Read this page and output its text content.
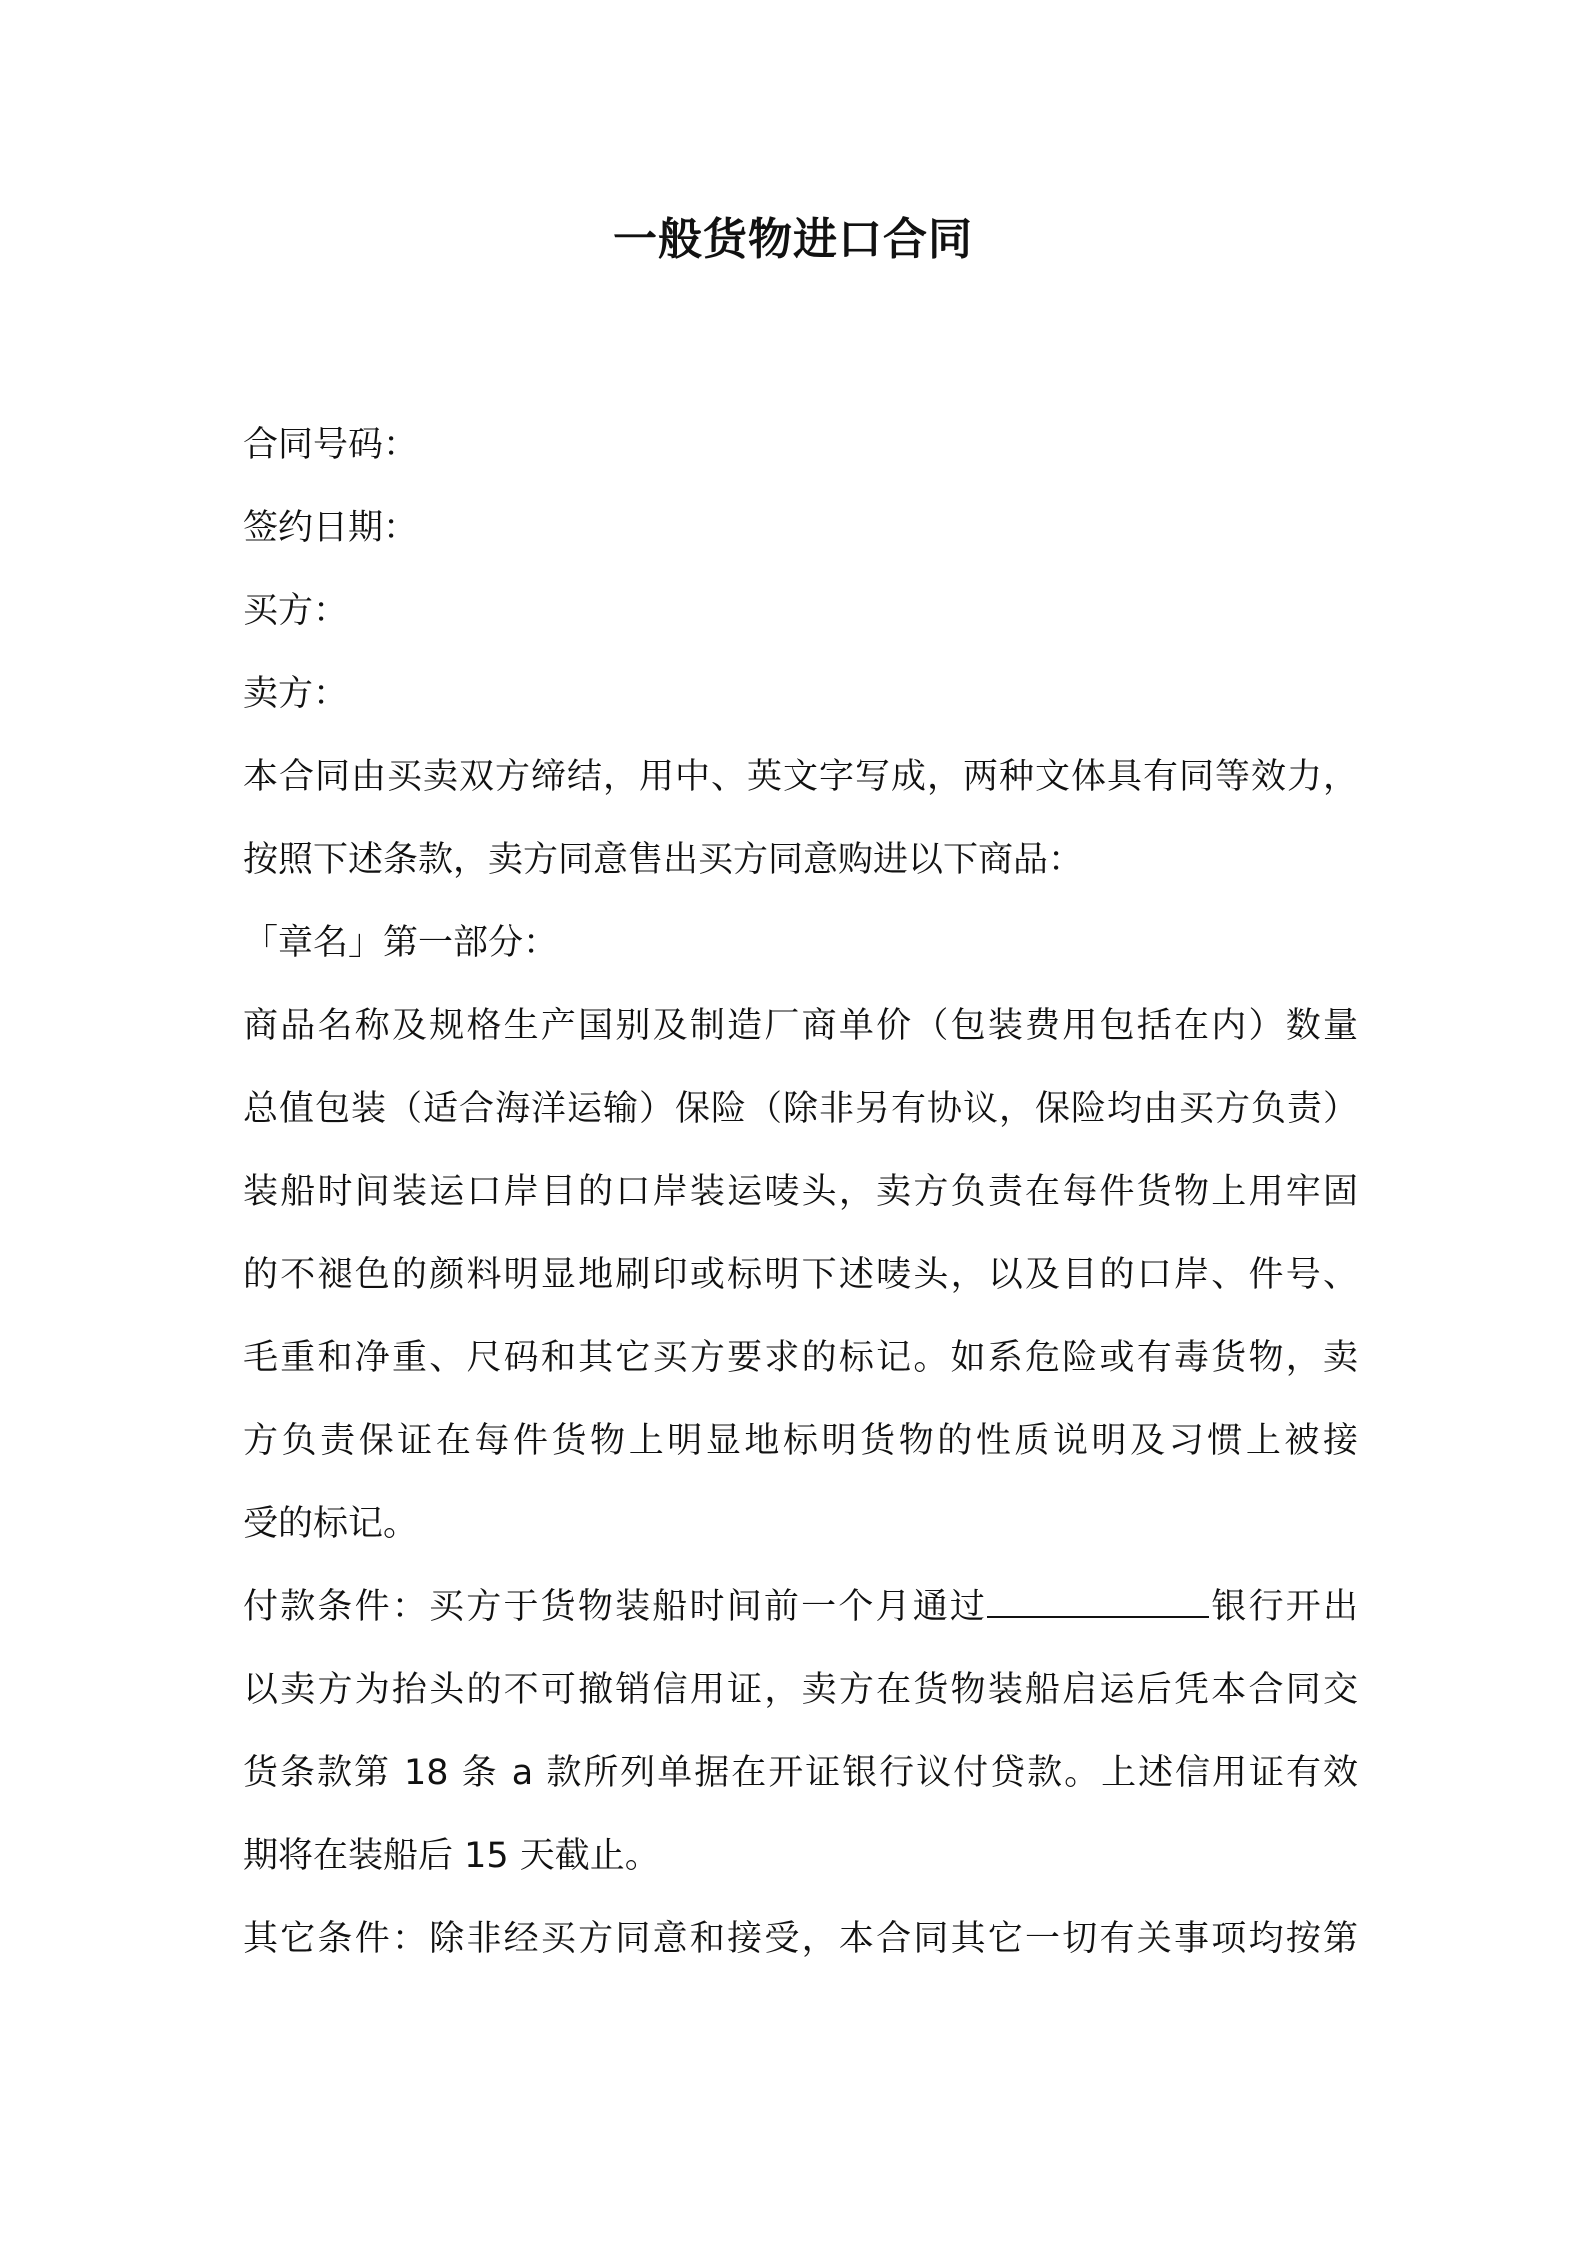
一般货物进口合同
合同号码：
签约日期：
买方：
卖方：
本合同由买卖双方缔结，用中、英文字写成，两种文体具有同等效力，
按照下述条款，卖方同意售出买方同意购进以下商品：
「章名」第一部分：
商品名称及规格生产国别及制造厂商单价（包装费用包括在内）数量
总值包装（适合海洋运输）保险（除非另有协议，保险均由买方负责）
装船时间装运口岸目的口岸装运唛头，卖方负责在每件货物上用牢固
的不褪色的颜料明显地刷印或标明下述唛头，以及目的口岸、件号、
毛重和净重、尺码和其它买方要求的标记。如系危险或有毒货物，卖
方负责保证在每件货物上明显地标明货物的性质说明及习惯上被接
受的标记。
付款条件：买方于货物装船时间前一个月通过	银行开出
以卖方为抬头的不可撤销信用证，卖方在货物装船启运后凭本合同交
货条款第 18 条 a 款所列单据在开证银行议付贷款。上述信用证有效
期将在装船后 15 天截止。
其它条件：除非经买方同意和接受，本合同其它一切有关事项均按第
